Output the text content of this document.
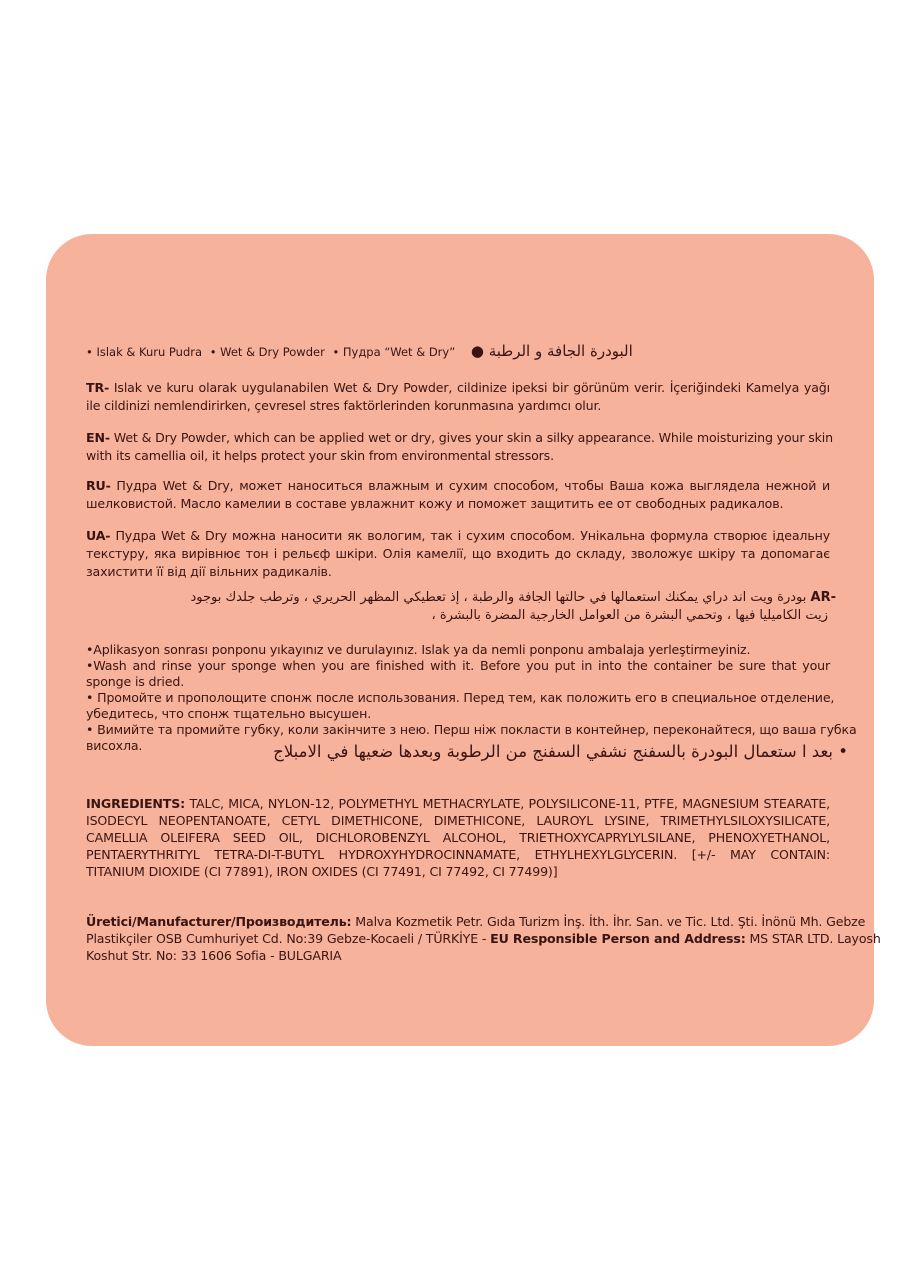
• Islak & Kuru Pudra • Wet & Dry Powder • Пудра “Wet & Dry” البودرة الجافة و الرطبة ●
TR- Islak ve kuru olarak uygulanabilen Wet & Dry Powder, cildinize ipeksi bir görünüm verir. İçeriğindeki Kamelya yağı
ile cildinizi nemlendirirken, çevresel stres faktörlerinden korunmasına yardımcı olur.
EN- Wet & Dry Powder, which can be applied wet or dry, gives your skin a silky appearance. While moisturizing your skin
with its camellia oil, it helps protect your skin from environmental stressors.
RU- Пудра Wet & Dry, может наноситься влажным и сухим способом, чтобы Ваша кожа выглядела нежной и
шелковистой. Масло камелии в составе увлажнит кожу и поможет защитить ее от свободных радикалов.
UA- Пудра Wet & Dry можна наносити як вологим, так і сухим способом. Унікальна формула створює ідеальну
текстуру, яка вирівнює тон і рельєф шкіри. Олія камелії, що входить до складу, зволожує шкіру та допомагає
захистити її від дії вільних радикалів.
AR- بودرة ويت اند دراي يمكنك استعمالها في حالتها الجافة والرطبة ، إذ تعطيكي المظهر الحريري ، وترطب جلدك بوجود
زيت الكاميليا فيها ، وتحمي البشرة من العوامل الخارجية المضرة بالبشرة ،
•Aplikasyon sonrası ponponu yıkayınız ve durulayınız. Islak ya da nemli ponponu ambalaja yerleştirmeyiniz.
•Wash and rinse your sponge when you are finished with it. Before you put in into the container be sure that your
sponge is dried.
• Промойте и прополощите спонж после использования. Перед тем, как положить его в специальное отделение,
убедитесь, что спонж тщательно высушен.
• Вимийте та промийте губку, коли закінчите з нею. Перш ніж покласти в контейнер, переконайтеся, що ваша губка
висохла.	• بعد ا ستعمال البودرة بالسفنج نشفي السفنج من الرطوبة وبعدها ضعيها في الامبلاج
INGREDIENTS: TALC, MICA, NYLON-12, POLYMETHYL METHACRYLATE, POLYSILICONE-11, PTFE, MAGNESIUM STEARATE,
ISODECYL NEOPENTANOATE, CETYL DIMETHICONE, DIMETHICONE, LAUROYL LYSINE, TRIMETHYLSILOXYSILICATE,
CAMELLIA OLEIFERA SEED OIL, DICHLOROBENZYL ALCOHOL, TRIETHOXYCAPRYLYLSILANE, PHENOXYETHANOL,
PENTAERYTHRITYL TETRA-DI-T-BUTYL HYDROXYHYDROCINNAMATE, ETHYLHEXYLGLYCERIN. [+/- MAY CONTAIN:
TITANIUM DIOXIDE (CI 77891), IRON OXIDES (CI 77491, CI 77492, CI 77499)]
Üretici/Manufacturer/Производитель: Malva Kozmetik Petr. Gıda Turizm İnş. İth. İhr. San. ve Tic. Ltd. Şti. İnönü Mh. Gebze
Plastikçiler OSB Cumhuriyet Cd. No:39 Gebze-Kocaeli / TÜRKİYE - EU Responsible Person and Address: MS STAR LTD. Layosh
Koshut Str. No: 33 1606 Sofia - BULGARIA
